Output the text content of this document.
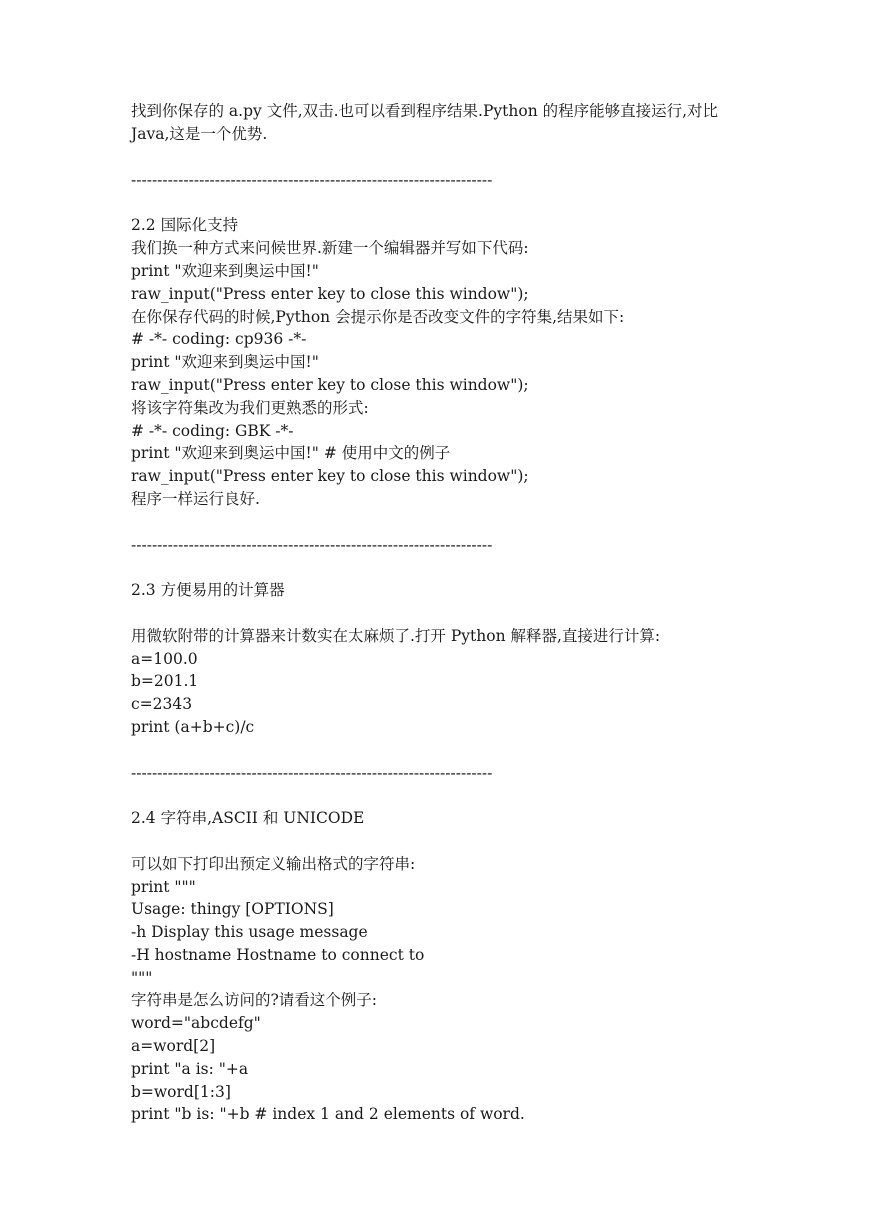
找到你保存的 a.py 文件,双击.也可以看到程序结果.Python 的程序能够直接运行,对比 Java,这是一个优势.
---------------------------------------------------------------------
2.2 国际化支持
我们换一种方式来问候世界.新建一个编辑器并写如下代码:
print "欢迎来到奥运中国!"
raw_input("Press enter key to close this window");
在你保存代码的时候,Python 会提示你是否改变文件的字符集,结果如下:
# -*- coding: cp936 -*-
print "欢迎来到奥运中国!"
raw_input("Press enter key to close this window");
将该字符集改为我们更熟悉的形式:
# -*- coding: GBK -*-
print "欢迎来到奥运中国!" # 使用中文的例子
raw_input("Press enter key to close this window");
程序一样运行良好.
---------------------------------------------------------------------
2.3 方便易用的计算器
用微软附带的计算器来计数实在太麻烦了.打开 Python 解释器,直接进行计算:
a=100.0
b=201.1
c=2343
print (a+b+c)/c
---------------------------------------------------------------------
2.4 字符串,ASCII 和 UNICODE
可以如下打印出预定义输出格式的字符串:
print """
Usage: thingy [OPTIONS]
-h Display this usage message
-H hostname Hostname to connect to
"""
字符串是怎么访问的?请看这个例子:
word="abcdefg"
a=word[2]
print "a is: "+a
b=word[1:3]
print "b is: "+b # index 1 and 2 elements of word.
